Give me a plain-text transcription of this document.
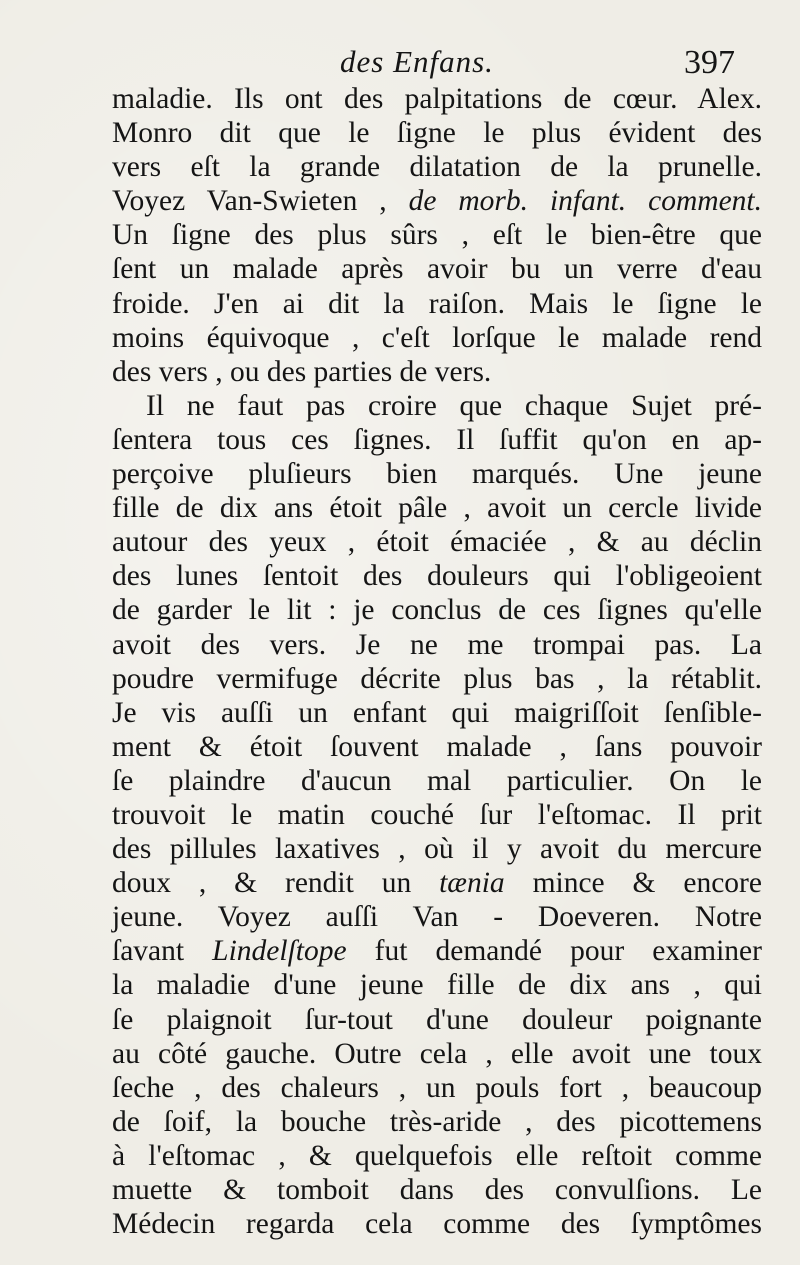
des Enfans.	397
maladie. Ils ont des palpitations de cœur. Alex.
Monro dit que le ſigne le plus évident des
vers eſt la grande dilatation de la prunelle.
Voyez Van-Swieten , de morb. infant. comment.
Un ſigne des plus sûrs , eſt le bien-être que
ſent un malade après avoir bu un verre d'eau
froide. J'en ai dit la raiſon. Mais le ſigne le
moins équivoque , c'eſt lorſque le malade rend
des vers , ou des parties de vers.
Il ne faut pas croire que chaque Sujet pré-
ſentera tous ces ſignes. Il ſuffit qu'on en ap-
perçoive pluſieurs bien marqués. Une jeune
fille de dix ans étoit pâle , avoit un cercle livide
autour des yeux , étoit émaciée , & au déclin
des lunes ſentoit des douleurs qui l'obligeoient
de garder le lit : je conclus de ces ſignes qu'elle
avoit des vers. Je ne me trompai pas. La
poudre vermifuge décrite plus bas , la rétablit.
Je vis auſſi un enfant qui maigriſſoit ſenſible-
ment & étoit ſouvent malade , ſans pouvoir
ſe plaindre d'aucun mal particulier. On le
trouvoit le matin couché ſur l'eſtomac. Il prit
des pillules laxatives , où il y avoit du mercure
doux , & rendit un tænia mince & encore
jeune. Voyez auſſi Van - Doeveren. Notre
ſavant Lindelſtope fut demandé pour examiner
la maladie d'une jeune fille de dix ans , qui
ſe plaignoit ſur-tout d'une douleur poignante
au côté gauche. Outre cela , elle avoit une toux
ſeche , des chaleurs , un pouls fort , beaucoup
de ſoif, la bouche très-aride , des picottemens
à l'eſtomac , & quelquefois elle reſtoit comme
muette & tomboit dans des convulſions. Le
Médecin regarda cela comme des ſymptômes
